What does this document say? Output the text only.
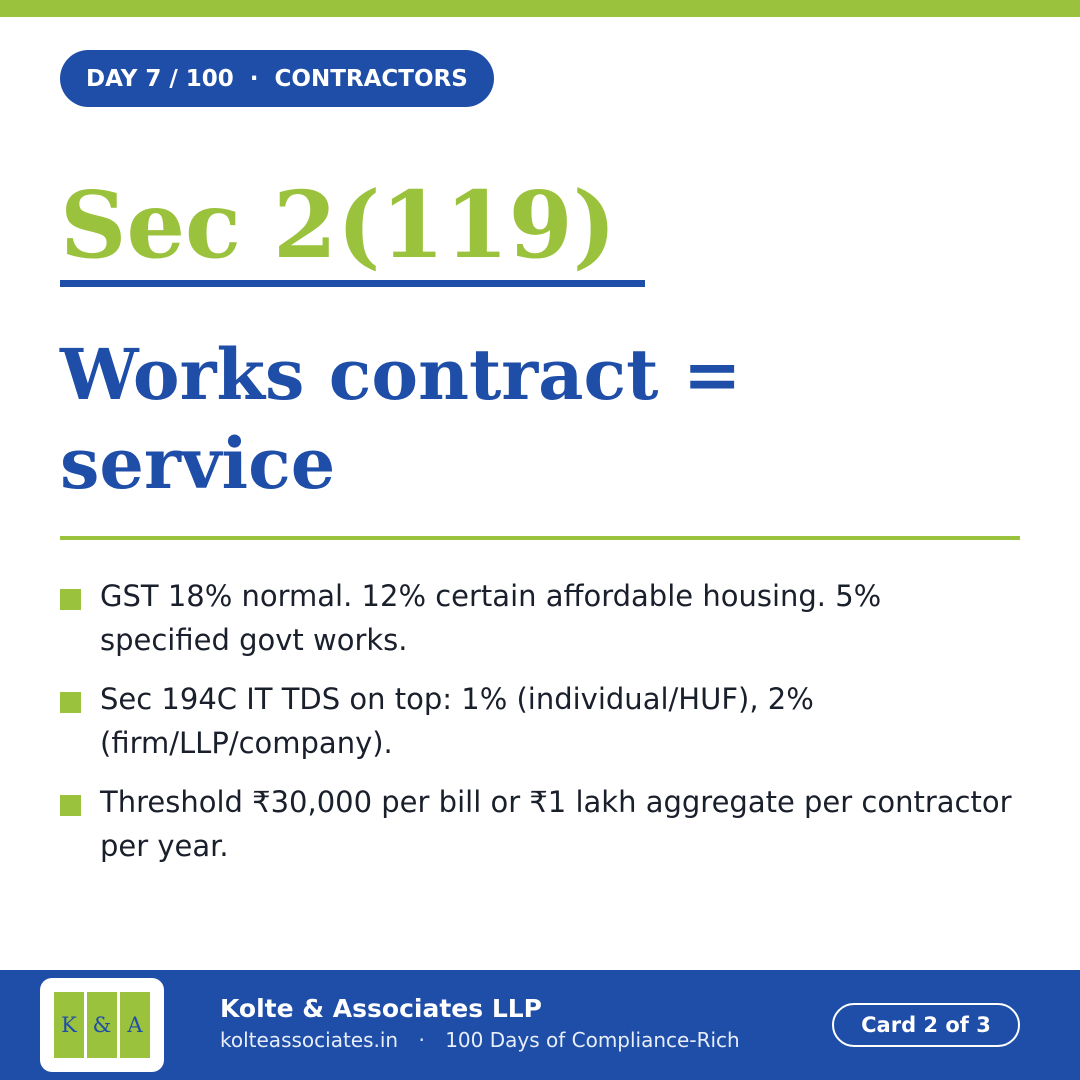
DAY 7 / 100 · CONTRACTORS
Sec 2(119)
Works contract =
service
GST 18% normal. 12% certain affordable housing. 5% specified govt works.
Sec 194C IT TDS on top: 1% (individual/HUF), 2% (firm/LLP/company).
Threshold ₹30,000 per bill or ₹1 lakh aggregate per contractor per year.
K & A
Kolte & Associates LLP
kolteassociates.in · 100 Days of Compliance-Rich
Card 2 of 3
